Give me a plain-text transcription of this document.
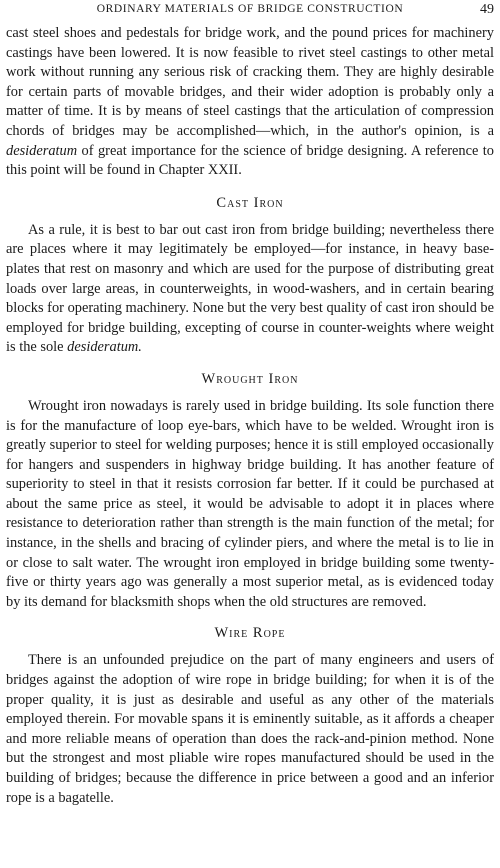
ORDINARY MATERIALS OF BRIDGE CONSTRUCTION	49

cast steel shoes and pedestals for bridge work, and the pound prices for machinery castings have been lowered. It is now feasible to rivet steel castings to other metal work without running any serious risk of cracking them. They are highly desirable for certain parts of movable bridges, and their wider adoption is probably only a matter of time. It is by means of steel castings that the articulation of compression chords of bridges may be accomplished—which, in the author's opinion, is a desideratum of great importance for the science of bridge designing. A reference to this point will be found in Chapter XXII.

Cast Iron

As a rule, it is best to bar out cast iron from bridge building; nevertheless there are places where it may legitimately be employed—for instance, in heavy base-plates that rest on masonry and which are used for the purpose of distributing great loads over large areas, in counterweights, in wood-washers, and in certain bearing blocks for operating machinery. None but the very best quality of cast iron should be employed for bridge building, excepting of course in counter-weights where weight is the sole desideratum.

Wrought Iron

Wrought iron nowadays is rarely used in bridge building. Its sole function there is for the manufacture of loop eye-bars, which have to be welded. Wrought iron is greatly superior to steel for welding purposes; hence it is still employed occasionally for hangers and suspenders in highway bridge building. It has another feature of superiority to steel in that it resists corrosion far better. If it could be purchased at about the same price as steel, it would be advisable to adopt it in places where resistance to deterioration rather than strength is the main function of the metal; for instance, in the shells and bracing of cylinder piers, and where the metal is to lie in or close to salt water. The wrought iron employed in bridge building some twenty-five or thirty years ago was generally a most superior metal, as is evidenced today by its demand for blacksmith shops when the old structures are removed.

Wire Rope

There is an unfounded prejudice on the part of many engineers and users of bridges against the adoption of wire rope in bridge building; for when it is of the proper quality, it is just as desirable and useful as any other of the materials employed therein. For movable spans it is eminently suitable, as it affords a cheaper and more reliable means of operation than does the rack-and-pinion method. None but the strongest and most pliable wire ropes manufactured should be used in the building of bridges; because the difference in price between a good and an inferior rope is a bagatelle.
